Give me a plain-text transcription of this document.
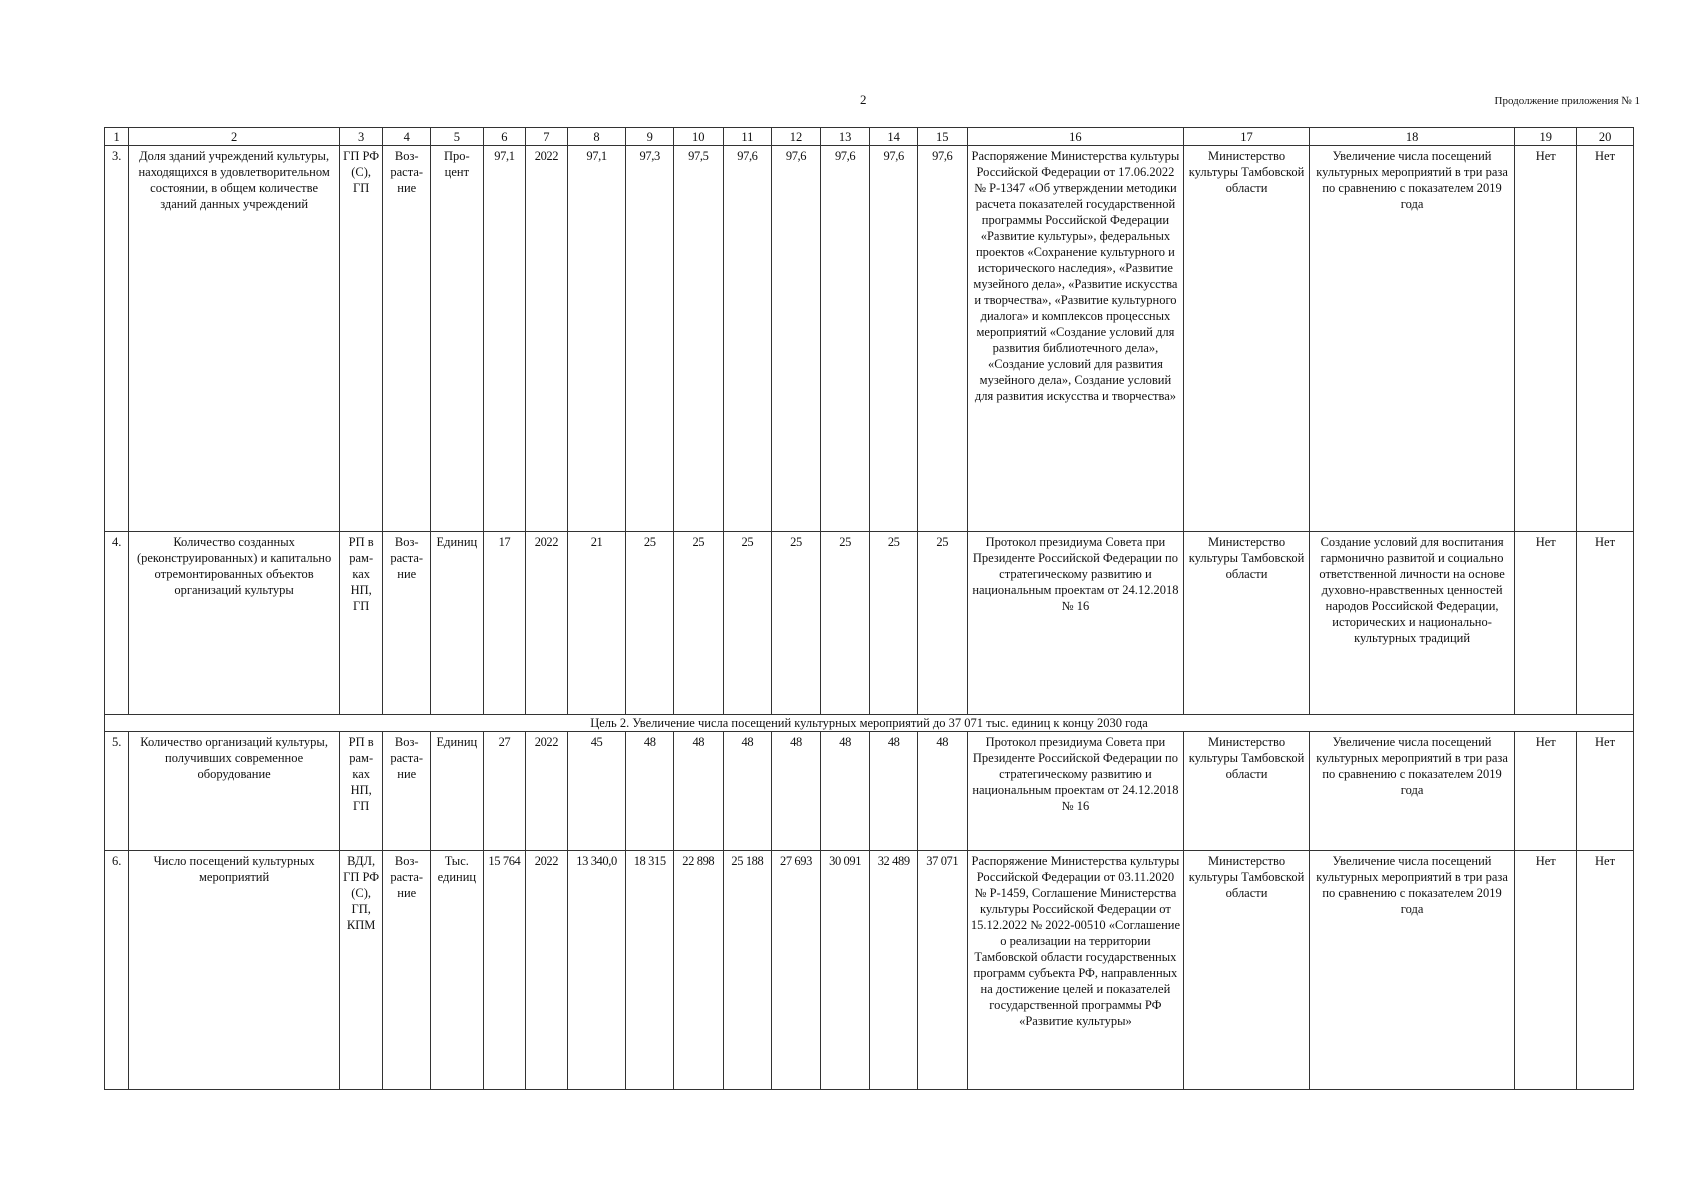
2	Продолжение приложения № 1
1	2	3	4	5	6	7	8	9	10	11	12	13	14	15	16	17	18	19	20
3.	Доля зданий учреждений культуры, находящихся в удовлетворительном состоянии, в общем количестве зданий данных учреждений	ГП РФ (С), ГП	Воз-раста-ние	Про-цент	97,1	2022	97,1	97,3	97,5	97,6	97,6	97,6	97,6	97,6	Распоряжение Министерства культуры Российской Федерации от 17.06.2022 № Р-1347 «Об утверждении методики расчета показателей государственной программы Российской Федерации «Развитие культуры», федеральных проектов «Сохранение культурного и исторического наследия», «Развитие музейного дела», «Развитие искусства и творчества», «Развитие культурного диалога» и комплексов процессных мероприятий «Создание условий для развития библиотечного дела», «Создание условий для развития музейного дела», Создание условий для развития искусства и творчества»	Министерство культуры Тамбовской области	Увеличение числа посещений культурных мероприятий в три раза по сравнению с показателем 2019 года	Нет	Нет
4.	Количество созданных (реконструированных) и капитально отремонтированных объектов организаций культуры	РП в рам-ках НП, ГП	Воз-раста-ние	Единиц	17	2022	21	25	25	25	25	25	25	25	Протокол президиума Совета при Президенте Российской Федерации по стратегическому развитию и национальным проектам от 24.12.2018 № 16	Министерство культуры Тамбовской области	Создание условий для воспитания гармонично развитой и социально ответственной личности на основе духовно-нравственных ценностей народов Российской Федерации, исторических и национально-культурных традиций	Нет	Нет
Цель 2. Увеличение числа посещений культурных мероприятий до 37 071 тыс. единиц к концу 2030 года																			
5.	Количество организаций культуры, получивших современное оборудование	РП в рам-ках НП, ГП	Воз-раста-ние	Единиц	27	2022	45	48	48	48	48	48	48	48	Протокол президиума Совета при Президенте Российской Федерации по стратегическому развитию и национальным проектам от 24.12.2018 № 16	Министерство культуры Тамбовской области	Увеличение числа посещений культурных мероприятий в три раза по сравнению с показателем 2019 года	Нет	Нет
6.	Число посещений культурных мероприятий	ВДЛ, ГП РФ (С), ГП, КПМ	Воз-раста-ние	Тыс. единиц	15 764	2022	13 340,0	18 315	22 898	25 188	27 693	30 091	32 489	37 071	Распоряжение Министерства культуры Российской Федерации от 03.11.2020 № Р-1459, Соглашение Министерства культуры Российской Федерации от 15.12.2022 № 2022-00510 «Соглашение о реализации на территории Тамбовской области государственных программ субъекта РФ, направленных на достижение целей и показателей государственной программы РФ «Развитие культуры»	Министерство культуры Тамбовской области	Увеличение числа посещений культурных мероприятий в три раза по сравнению с показателем 2019 года	Нет	Нет
